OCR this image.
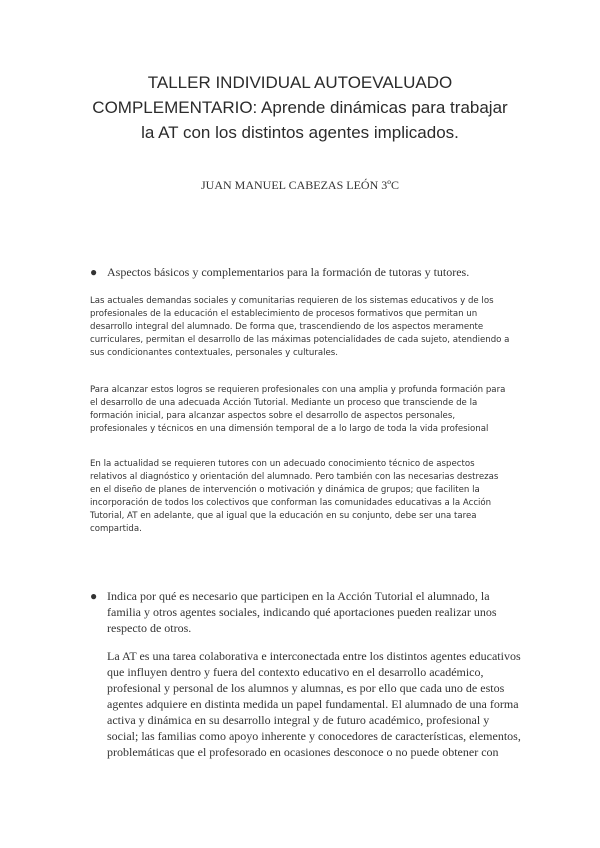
TALLER INDIVIDUAL AUTOEVALUADO
COMPLEMENTARIO: Aprende dinámicas para trabajar
la AT con los distintos agentes implicados.
JUAN MANUEL CABEZAS LEÓN 3ºC
● Aspectos básicos y complementarios para la formación de tutoras y tutores.
Las actuales demandas sociales y comunitarias requieren de los sistemas educativos y de los
profesionales de la educación el establecimiento de procesos formativos que permitan un
desarrollo integral del alumnado. De forma que, trascendiendo de los aspectos meramente
curriculares, permitan el desarrollo de las máximas potencialidades de cada sujeto, atendiendo a
sus condicionantes contextuales, personales y culturales.
Para alcanzar estos logros se requieren profesionales con una amplia y profunda formación para
el desarrollo de una adecuada Acción Tutorial. Mediante un proceso que transciende de la
formación inicial, para alcanzar aspectos sobre el desarrollo de aspectos personales,
profesionales y técnicos en una dimensión temporal de a lo largo de toda la vida profesional
En la actualidad se requieren tutores con un adecuado conocimiento técnico de aspectos
relativos al diagnóstico y orientación del alumnado. Pero también con las necesarias destrezas
en el diseño de planes de intervención o motivación y dinámica de grupos; que faciliten la
incorporación de todos los colectivos que conforman las comunidades educativas a la Acción
Tutorial, AT en adelante, que al igual que la educación en su conjunto, debe ser una tarea
compartida.
● Indica por qué es necesario que participen en la Acción Tutorial el alumnado, la
familia y otros agentes sociales, indicando qué aportaciones pueden realizar unos
respecto de otros.
La AT es una tarea colaborativa e interconectada entre los distintos agentes educativos
que influyen dentro y fuera del contexto educativo en el desarrollo académico,
profesional y personal de los alumnos y alumnas, es por ello que cada uno de estos
agentes adquiere en distinta medida un papel fundamental. El alumnado de una forma
activa y dinámica en su desarrollo integral y de futuro académico, profesional y
social; las familias como apoyo inherente y conocedores de características, elementos,
problemáticas que el profesorado en ocasiones desconoce o no puede obtener con
